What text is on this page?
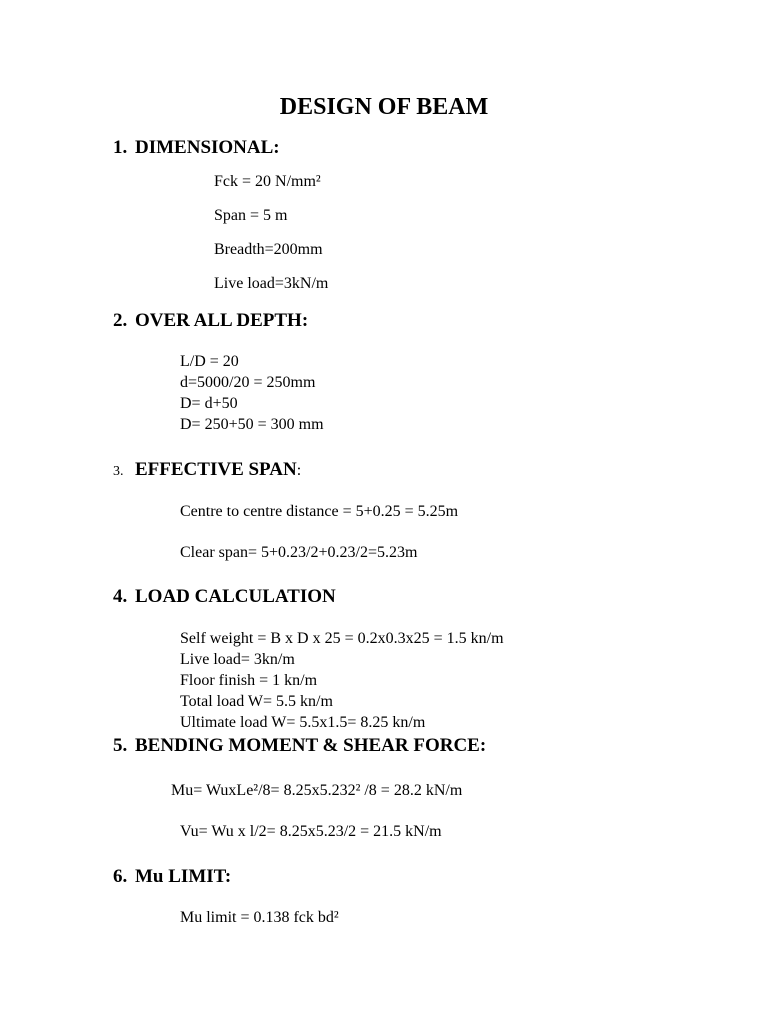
DESIGN OF BEAM
1. DIMENSIONAL:
Fck = 20 N/mm²
Span = 5 m
Breadth=200mm
Live load=3kN/m
2. OVER ALL DEPTH:
L/D = 20
d=5000/20 = 250mm
D= d+50
D= 250+50 = 300 mm
3. EFFECTIVE SPAN:
Centre to centre distance = 5+0.25 = 5.25m
Clear span= 5+0.23/2+0.23/2=5.23m
4. LOAD CALCULATION
Self weight = B x D x 25 = 0.2x0.3x25 = 1.5 kn/m
Live load= 3kn/m
Floor finish = 1 kn/m
Total load W= 5.5 kn/m
Ultimate load W= 5.5x1.5= 8.25 kn/m
5. BENDING MOMENT & SHEAR FORCE:
Mu= WuxLe²/8= 8.25x5.232² /8 = 28.2 kN/m
Vu= Wu x l/2= 8.25x5.23/2 = 21.5 kN/m
6. Mu LIMIT:
Mu limit = 0.138 fck bd²
